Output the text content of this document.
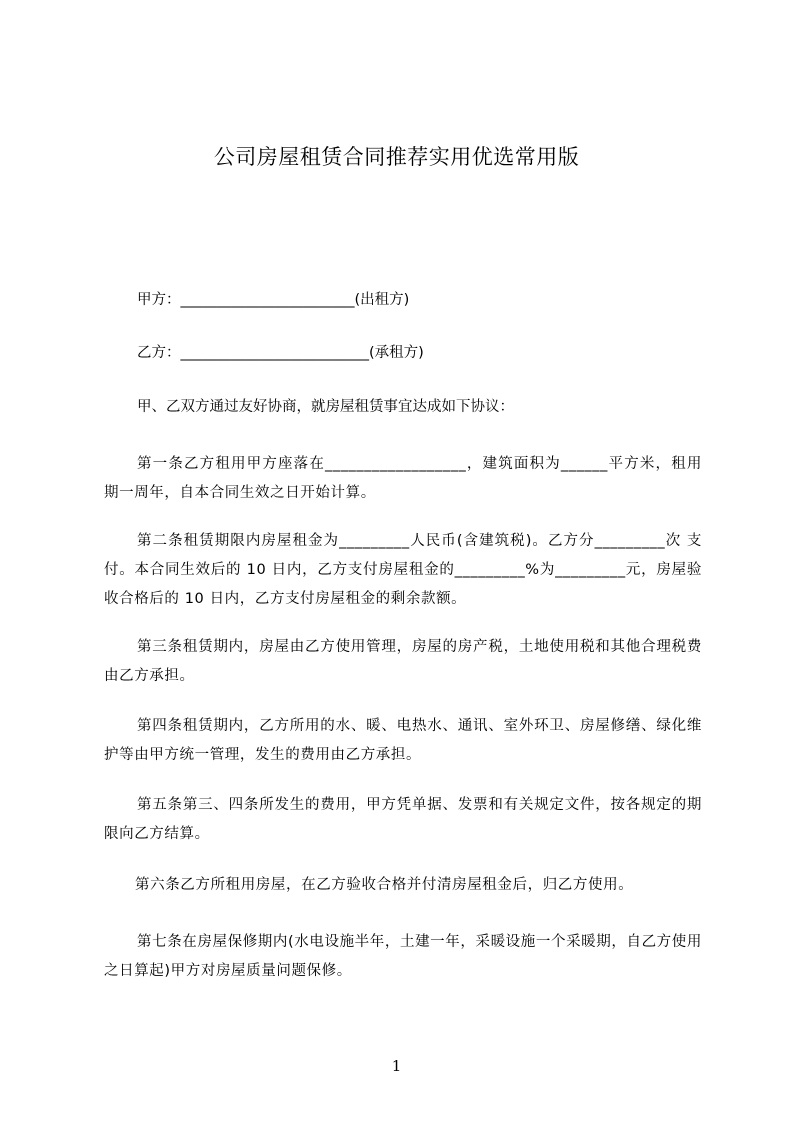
公司房屋租赁合同推荐实用优选常用版
甲方：________________________(出租方)
乙方：__________________________(承租方)
甲、乙双方通过友好协商，就房屋租赁事宜达成如下协议：
第一条乙方租用甲方座落在__________________，建筑面积为______平方米，租用期一周年，自本合同生效之日开始计算。
第二条租赁期限内房屋租金为_________人民币(含建筑税)。乙方分_________次 支付。本合同生效后的 10 日内，乙方支付房屋租金的_________%为_________元，房屋验收合格后的 10 日内，乙方支付房屋租金的剩余款额。
第三条租赁期内，房屋由乙方使用管理，房屋的房产税，土地使用税和其他合理税费由乙方承担。
第四条租赁期内，乙方所用的水、暖、电热水、通讯、室外环卫、房屋修缮、绿化维护等由甲方统一管理，发生的费用由乙方承担。
第五条第三、四条所发生的费用，甲方凭单据、发票和有关规定文件，按各规定的期限向乙方结算。
第六条乙方所租用房屋，在乙方验收合格并付清房屋租金后，归乙方使用。
第七条在房屋保修期内(水电设施半年，土建一年，采暖设施一个采暖期，自乙方使用之日算起)甲方对房屋质量问题保修。
1
